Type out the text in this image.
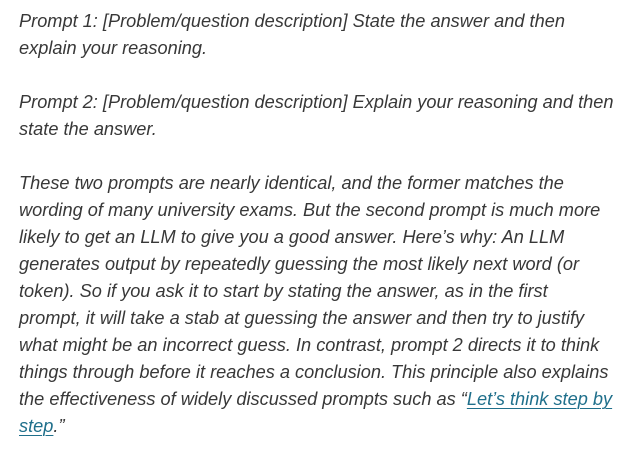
Prompt 1: [Problem/question description] State the answer and then explain your reasoning.

Prompt 2: [Problem/question description] Explain your reasoning and then state the answer.

These two prompts are nearly identical, and the former matches the wording of many university exams. But the second prompt is much more likely to get an LLM to give you a good answer. Here’s why: An LLM generates output by repeatedly guessing the most likely next word (or token). So if you ask it to start by stating the answer, as in the first prompt, it will take a stab at guessing the answer and then try to justify what might be an incorrect guess. In contrast, prompt 2 directs it to think things through before it reaches a conclusion. This principle also explains the effectiveness of widely discussed prompts such as “Let’s think step by step.”
